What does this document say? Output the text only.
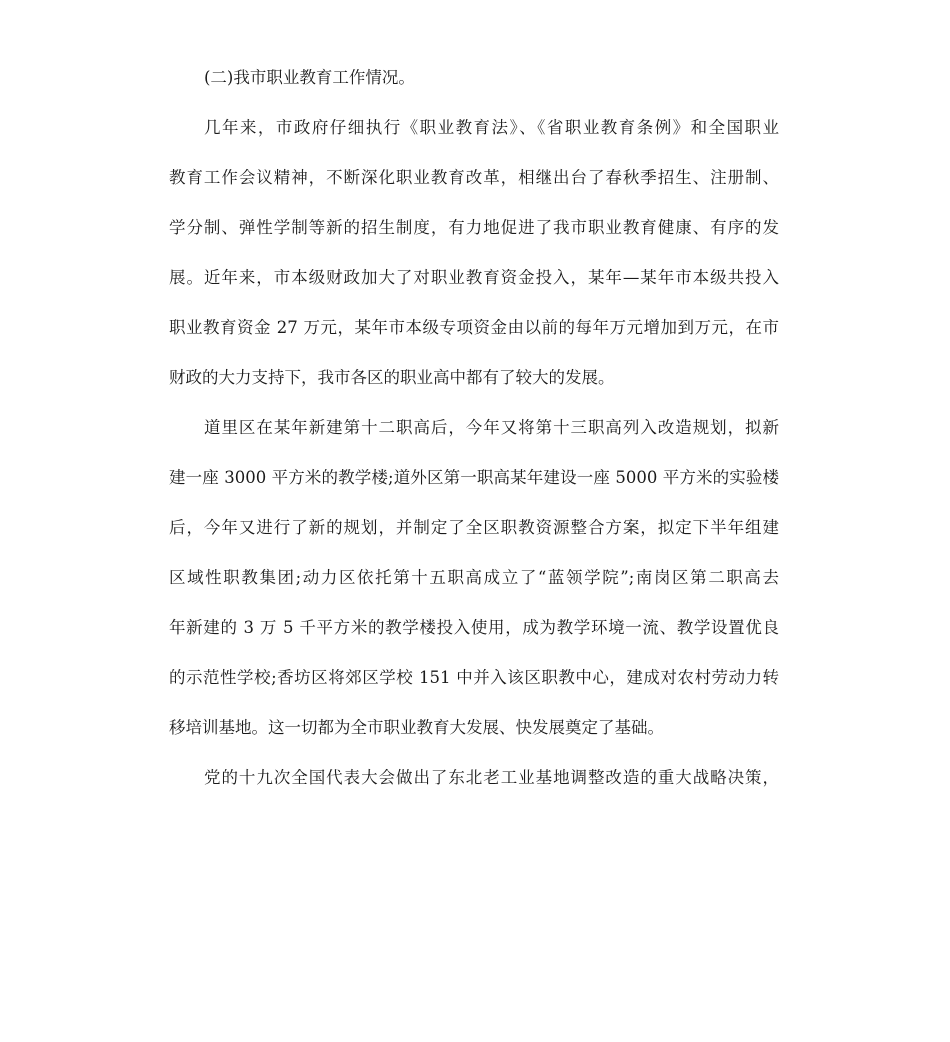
(二)我市职业教育工作情况。
几年来，市政府仔细执行《职业教育法》、《省职业教育条例》和全国职业
教育工作会议精神，不断深化职业教育改革，相继出台了春秋季招生、注册制、
学分制、弹性学制等新的招生制度，有力地促进了我市职业教育健康、有序的发
展。近年来，市本级财政加大了对职业教育资金投入，某年—某年市本级共投入
职业教育资金 27 万元，某年市本级专项资金由以前的每年万元增加到万元，在市
财政的大力支持下，我市各区的职业高中都有了较大的发展。
道里区在某年新建第十二职高后，今年又将第十三职高列入改造规划，拟新
建一座 3000 平方米的教学楼;道外区第一职高某年建设一座 5000 平方米的实验楼
后，今年又进行了新的规划，并制定了全区职教资源整合方案，拟定下半年组建
区域性职教集团;动力区依托第十五职高成立了“蓝领学院”;南岗区第二职高去
年新建的 3 万 5 千平方米的教学楼投入使用，成为教学环境一流、教学设置优良
的示范性学校;香坊区将郊区学校 151 中并入该区职教中心，建成对农村劳动力转
移培训基地。这一切都为全市职业教育大发展、快发展奠定了基础。
党的十九次全国代表大会做出了东北老工业基地调整改造的重大战略决策，
